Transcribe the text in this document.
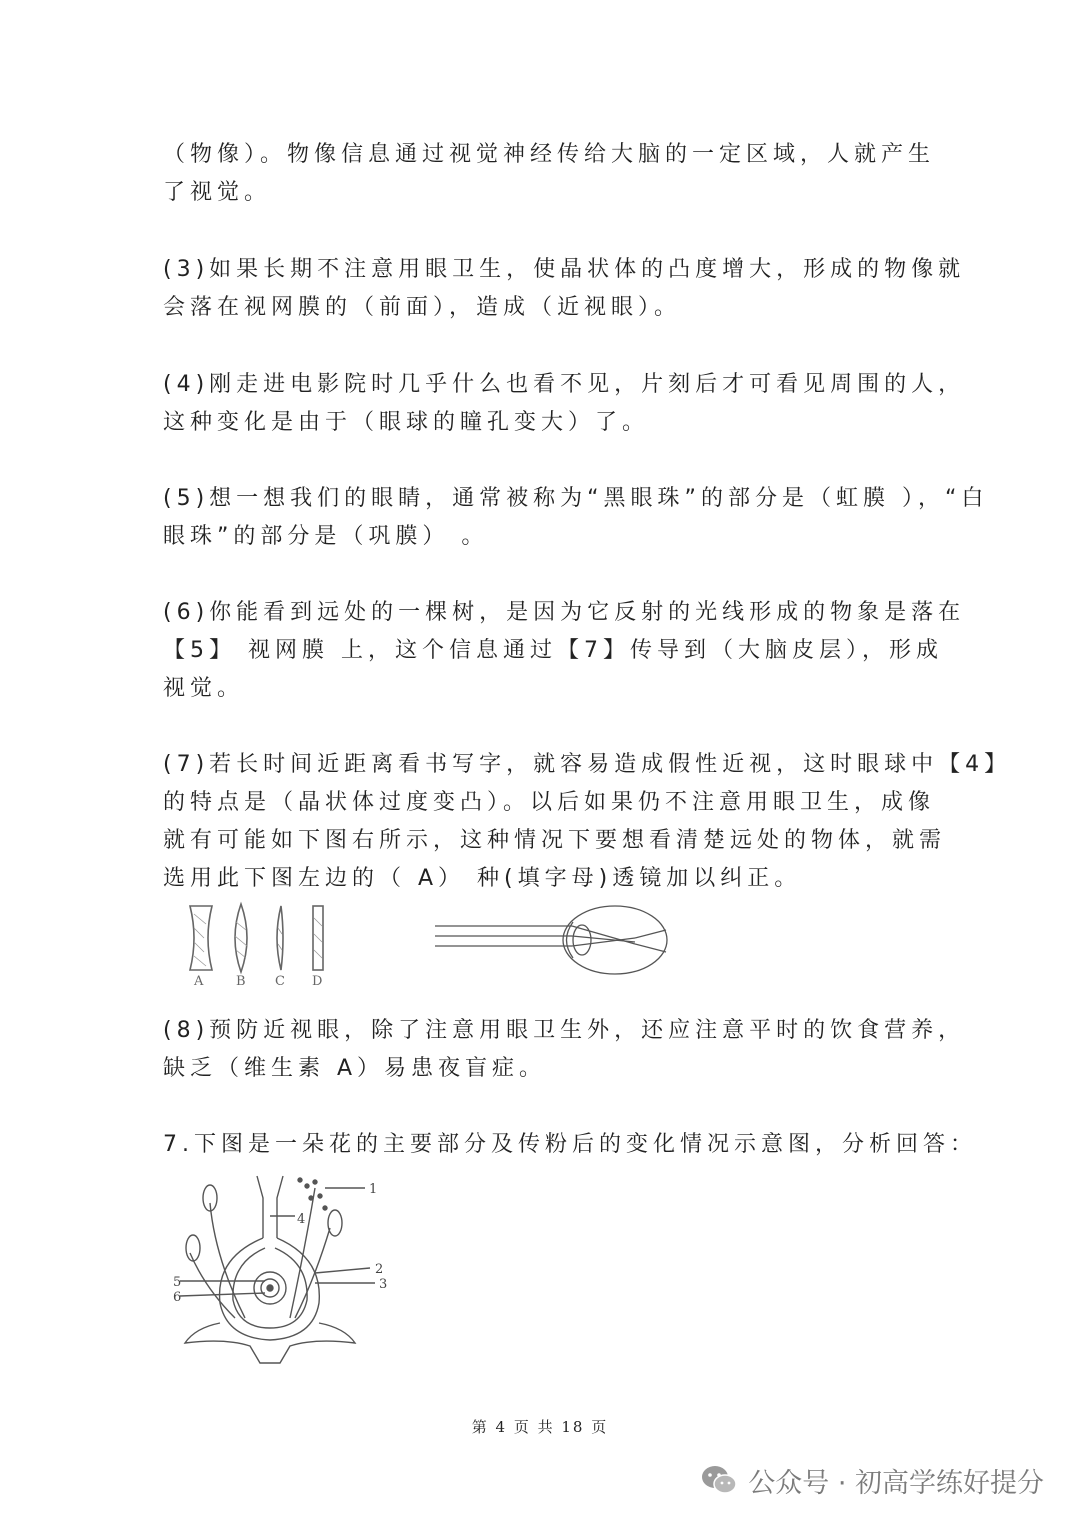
（物像）。物像信息通过视觉神经传给大脑的一定区域，人就产生
了视觉。

(3)如果长期不注意用眼卫生，使晶状体的凸度增大，形成的物像就
会落在视网膜的（前面），造成（近视眼）。

(4)刚走进电影院时几乎什么也看不见，片刻后才可看见周围的人，
这种变化是由于（眼球的瞳孔变大）了。

(5)想一想我们的眼睛，通常被称为“黑眼珠”的部分是（虹膜 ），“白
眼珠”的部分是（巩膜） 。

(6)你能看到远处的一棵树，是因为它反射的光线形成的物象是落在
【5】 视网膜 上，这个信息通过【7】传导到（大脑皮层），形成
视觉。

(7)若长时间近距离看书写字，就容易造成假性近视，这时眼球中【4】
的特点是（晶状体过度变凸）。以后如果仍不注意用眼卫生，成像
就有可能如下图右所示，这种情况下要想看清楚远处的物体，就需
选用此下图左边的（ A） 种(填字母)透镜加以纠正。

A	B C D

(8)预防近视眼，除了注意用眼卫生外，还应注意平时的饮食营养，
缺乏（维生素 A）易患夜盲症。

7.下图是一朵花的主要部分及传粉后的变化情况示意图，分析回答：

1
2
3
4
5
6
第 4 页 共 18 页
公众号 · 初高学练好提分
